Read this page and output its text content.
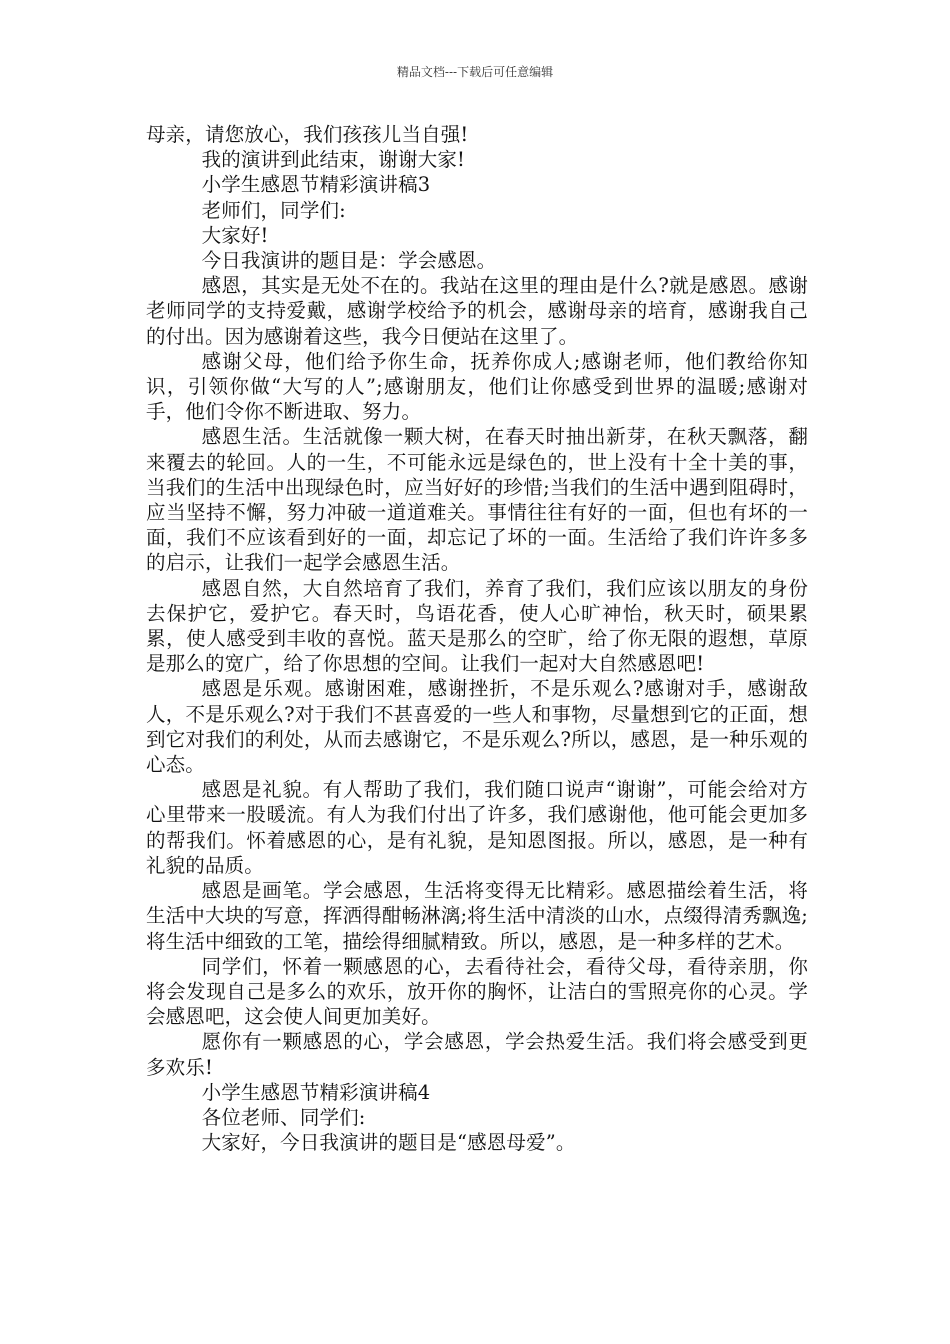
精品文档---下载后可任意编辑

母亲，请您放心，我们孩孩儿当自强!

我的演讲到此结束，谢谢大家!

小学生感恩节精彩演讲稿3

老师们，同学们:

大家好!

今日我演讲的题目是：学会感恩。

感恩，其实是无处不在的。我站在这里的理由是什么?就是感恩。感谢老师同学的支持爱戴，感谢学校给予的机会，感谢母亲的培育，感谢我自己的付出。因为感谢着这些，我今日便站在这里了。

感谢父母，他们给予你生命，抚养你成人;感谢老师，他们教给你知识，引领你做“大写的人”;感谢朋友，他们让你感受到世界的温暖;感谢对手，他们令你不断进取、努力。

感恩生活。生活就像一颗大树，在春天时抽出新芽，在秋天飘落，翻来覆去的轮回。人的一生，不可能永远是绿色的，世上没有十全十美的事，当我们的生活中出现绿色时，应当好好的珍惜;当我们的生活中遇到阻碍时，应当坚持不懈，努力冲破一道道难关。事情往往有好的一面，但也有坏的一面，我们不应该看到好的一面，却忘记了坏的一面。生活给了我们许许多多的启示，让我们一起学会感恩生活。

感恩自然，大自然培育了我们，养育了我们，我们应该以朋友的身份去保护它，爱护它。春天时，鸟语花香，使人心旷神怡，秋天时，硕果累累，使人感受到丰收的喜悦。蓝天是那么的空旷，给了你无限的遐想，草原是那么的宽广，给了你思想的空间。让我们一起对大自然感恩吧!

感恩是乐观。感谢困难，感谢挫折，不是乐观么?感谢对手，感谢敌人，不是乐观么?对于我们不甚喜爱的一些人和事物，尽量想到它的正面，想到它对我们的利处，从而去感谢它，不是乐观么?所以，感恩，是一种乐观的心态。

感恩是礼貌。有人帮助了我们，我们随口说声“谢谢”，可能会给对方心里带来一股暖流。有人为我们付出了许多，我们感谢他，他可能会更加多的帮我们。怀着感恩的心，是有礼貌，是知恩图报。所以，感恩，是一种有礼貌的品质。

感恩是画笔。学会感恩，生活将变得无比精彩。感恩描绘着生活，将生活中大块的写意，挥洒得酣畅淋漓;将生活中清淡的山水，点缀得清秀飘逸;将生活中细致的工笔，描绘得细腻精致。所以，感恩，是一种多样的艺术。

同学们，怀着一颗感恩的心，去看待社会，看待父母，看待亲朋，你将会发现自己是多么的欢乐，放开你的胸怀，让洁白的雪照亮你的心灵。学会感恩吧，这会使人间更加美好。

愿你有一颗感恩的心，学会感恩，学会热爱生活。我们将会感受到更多欢乐!

小学生感恩节精彩演讲稿4

各位老师、同学们:

大家好，今日我演讲的题目是“感恩母爱”。
